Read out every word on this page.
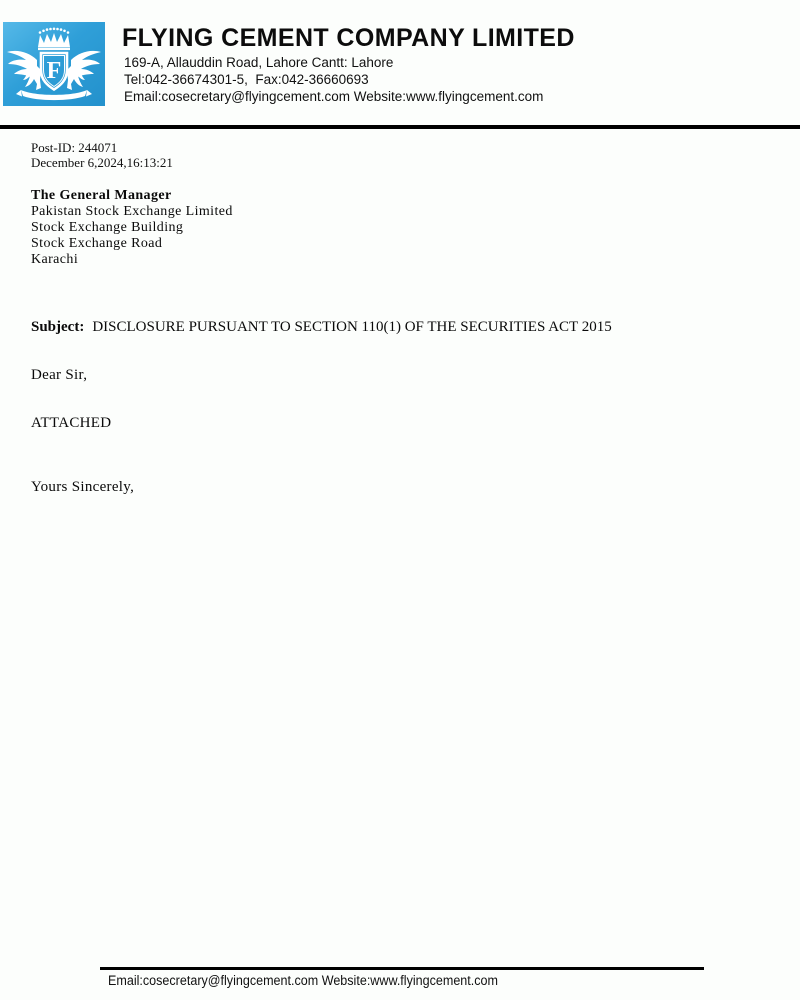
F
FLYING CEMENT COMPANY LIMITED
169-A, Allauddin Road, Lahore Cantt: Lahore
Tel:042-36674301-5,  Fax:042-36660693
Email:cosecretary@flyingcement.com Website:www.flyingcement.com
Post-ID: 244071
December 6,2024,16:13:21
The General Manager
Pakistan Stock Exchange Limited
Stock Exchange Building
Stock Exchange Road
Karachi
Subject: DISCLOSURE PURSUANT TO SECTION 110(1) OF THE SECURITIES ACT 2015
Dear Sir,
ATTACHED
Yours Sincerely,
Email:cosecretary@flyingcement.com Website:www.flyingcement.com
